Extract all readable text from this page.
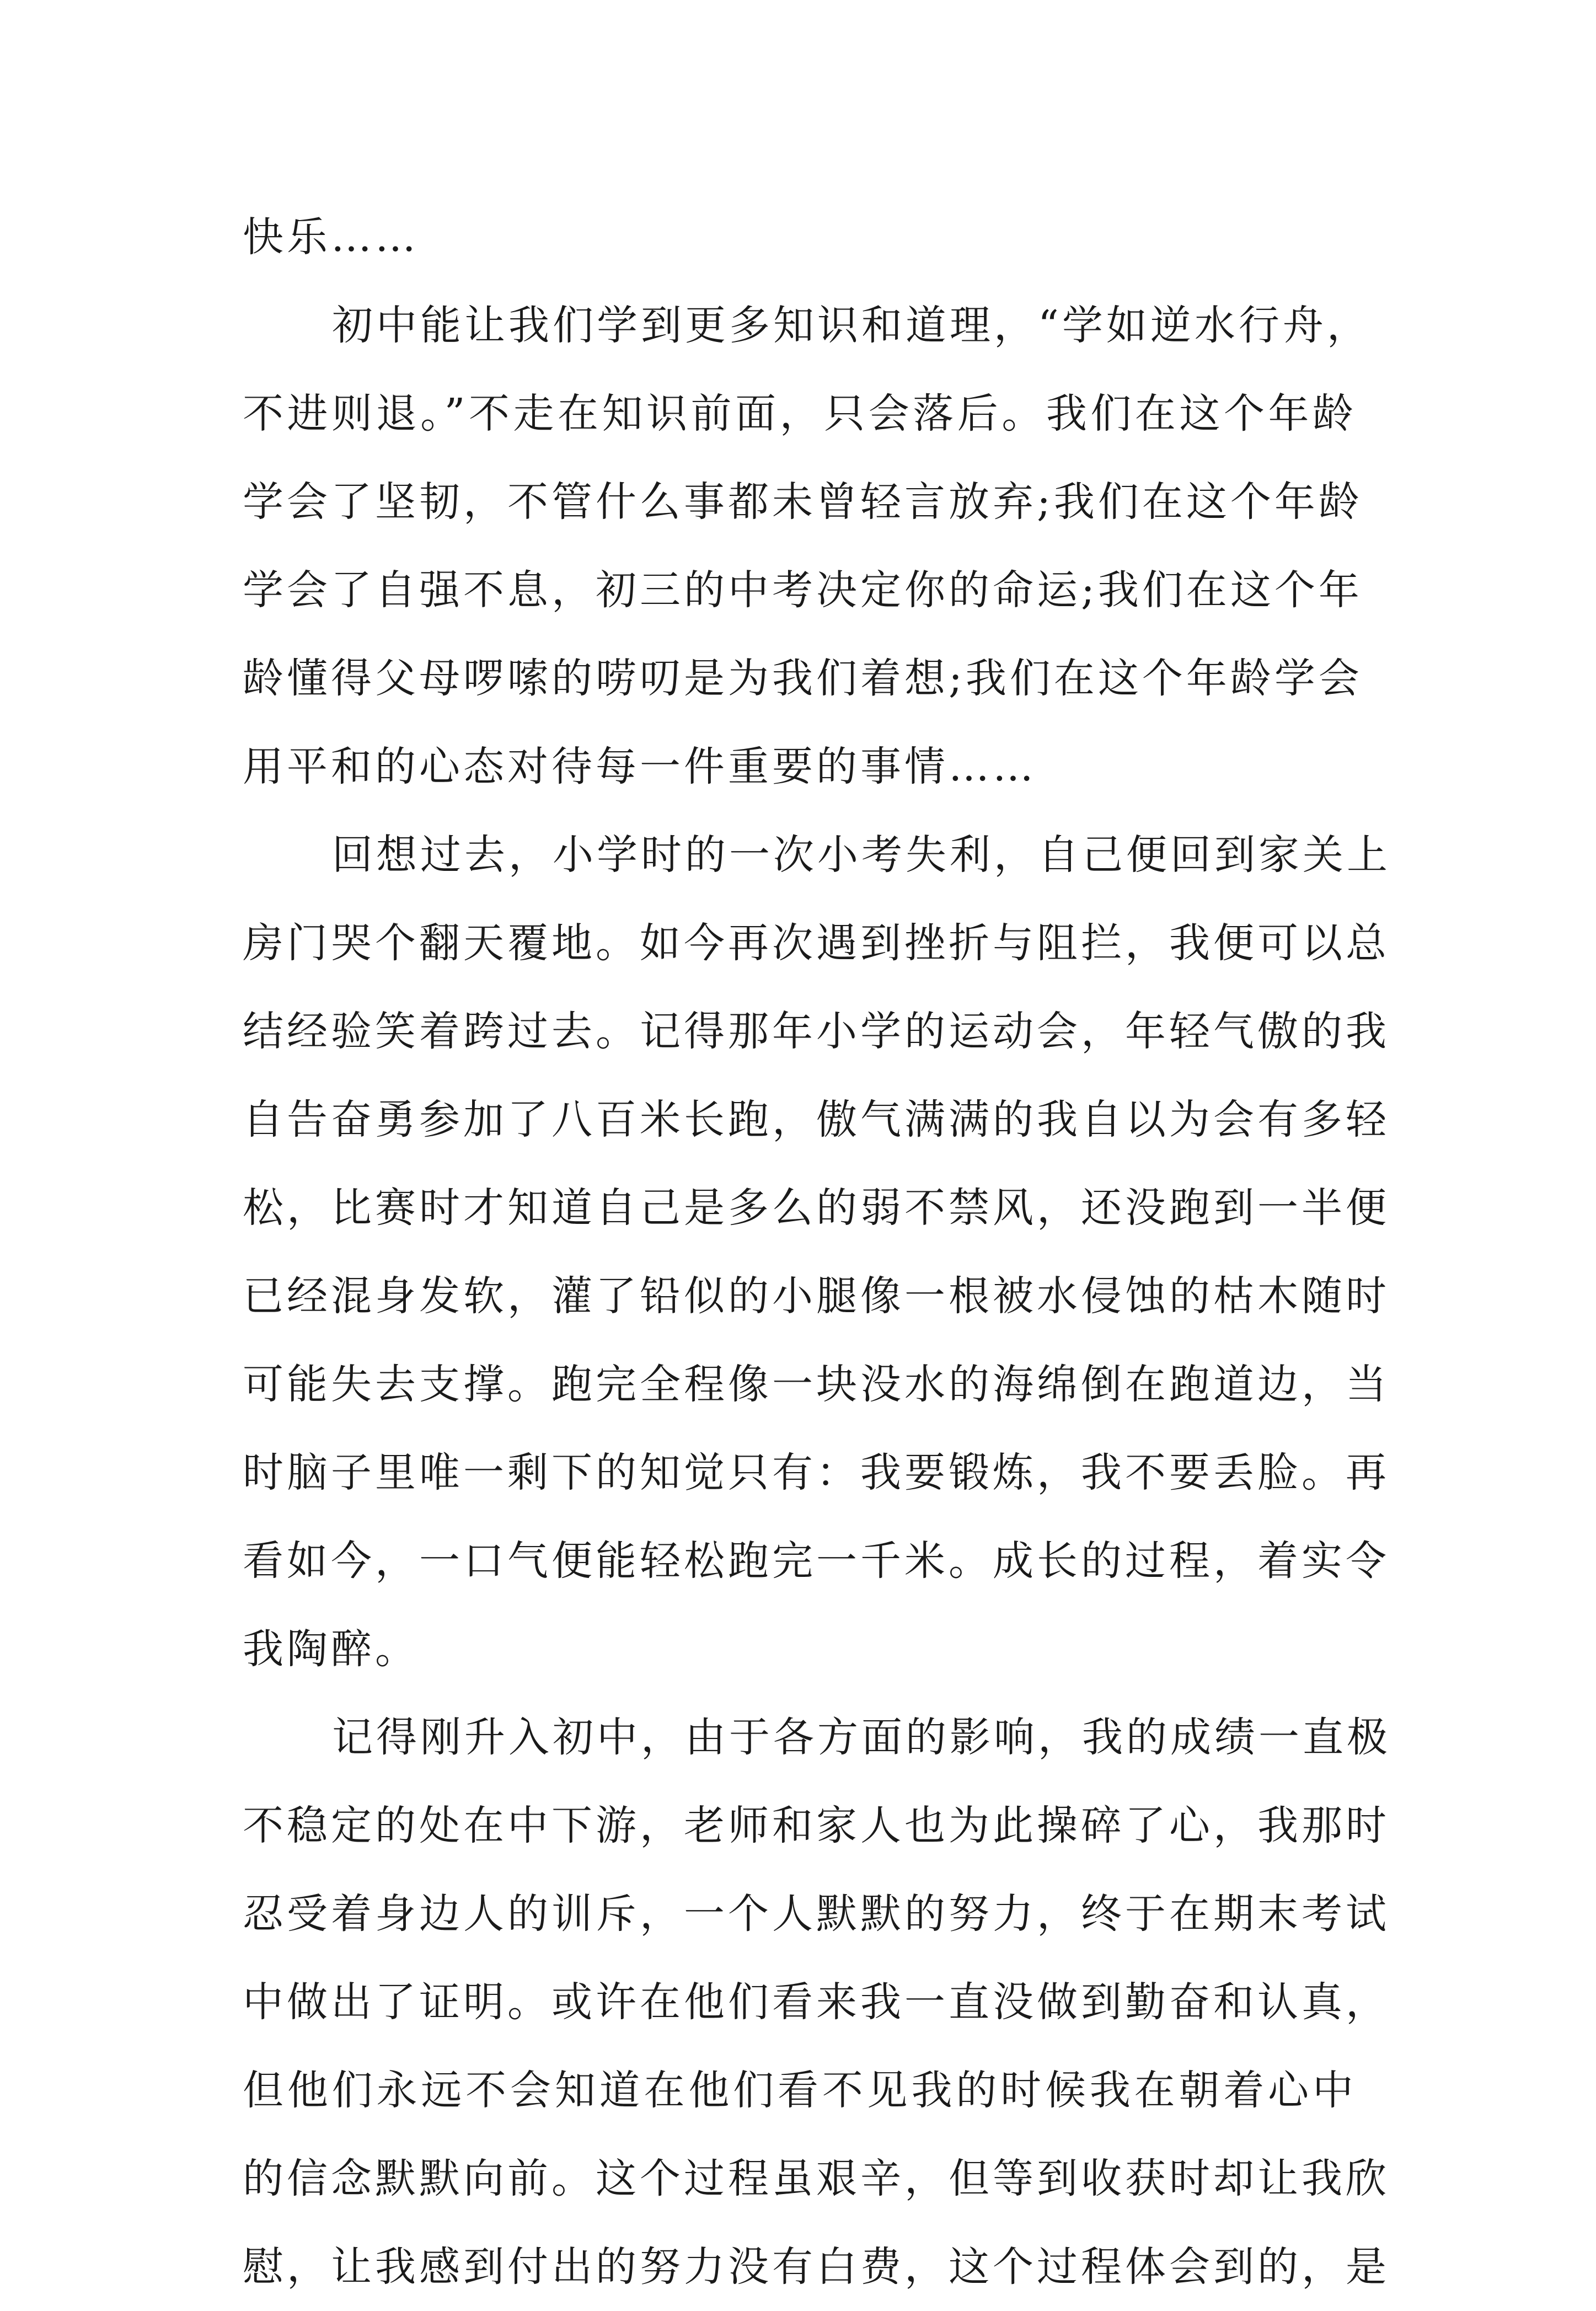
快乐……
初中能让我们学到更多知识和道理，“学如逆水行舟，
不进则退。”不走在知识前面，只会落后。我们在这个年龄
学会了坚韧，不管什么事都未曾轻言放弃;我们在这个年龄
学会了自强不息，初三的中考决定你的命运;我们在这个年
龄懂得父母啰嗦的唠叨是为我们着想;我们在这个年龄学会
用平和的心态对待每一件重要的事情……
回想过去，小学时的一次小考失利，自己便回到家关上
房门哭个翻天覆地。如今再次遇到挫折与阻拦，我便可以总
结经验笑着跨过去。记得那年小学的运动会，年轻气傲的我
自告奋勇参加了八百米长跑，傲气满满的我自以为会有多轻
松，比赛时才知道自己是多么的弱不禁风，还没跑到一半便
已经混身发软，灌了铅似的小腿像一根被水侵蚀的枯木随时
可能失去支撑。跑完全程像一块没水的海绵倒在跑道边，当
时脑子里唯一剩下的知觉只有：我要锻炼，我不要丢脸。再
看如今，一口气便能轻松跑完一千米。成长的过程，着实令
我陶醉。
记得刚升入初中，由于各方面的影响，我的成绩一直极
不稳定的处在中下游，老师和家人也为此操碎了心，我那时
忍受着身边人的训斥，一个人默默的努力，终于在期末考试
中做出了证明。或许在他们看来我一直没做到勤奋和认真，
但他们永远不会知道在他们看不见我的时候我在朝着心中
的信念默默向前。这个过程虽艰辛，但等到收获时却让我欣
慰，让我感到付出的努力没有白费，这个过程体会到的，是
